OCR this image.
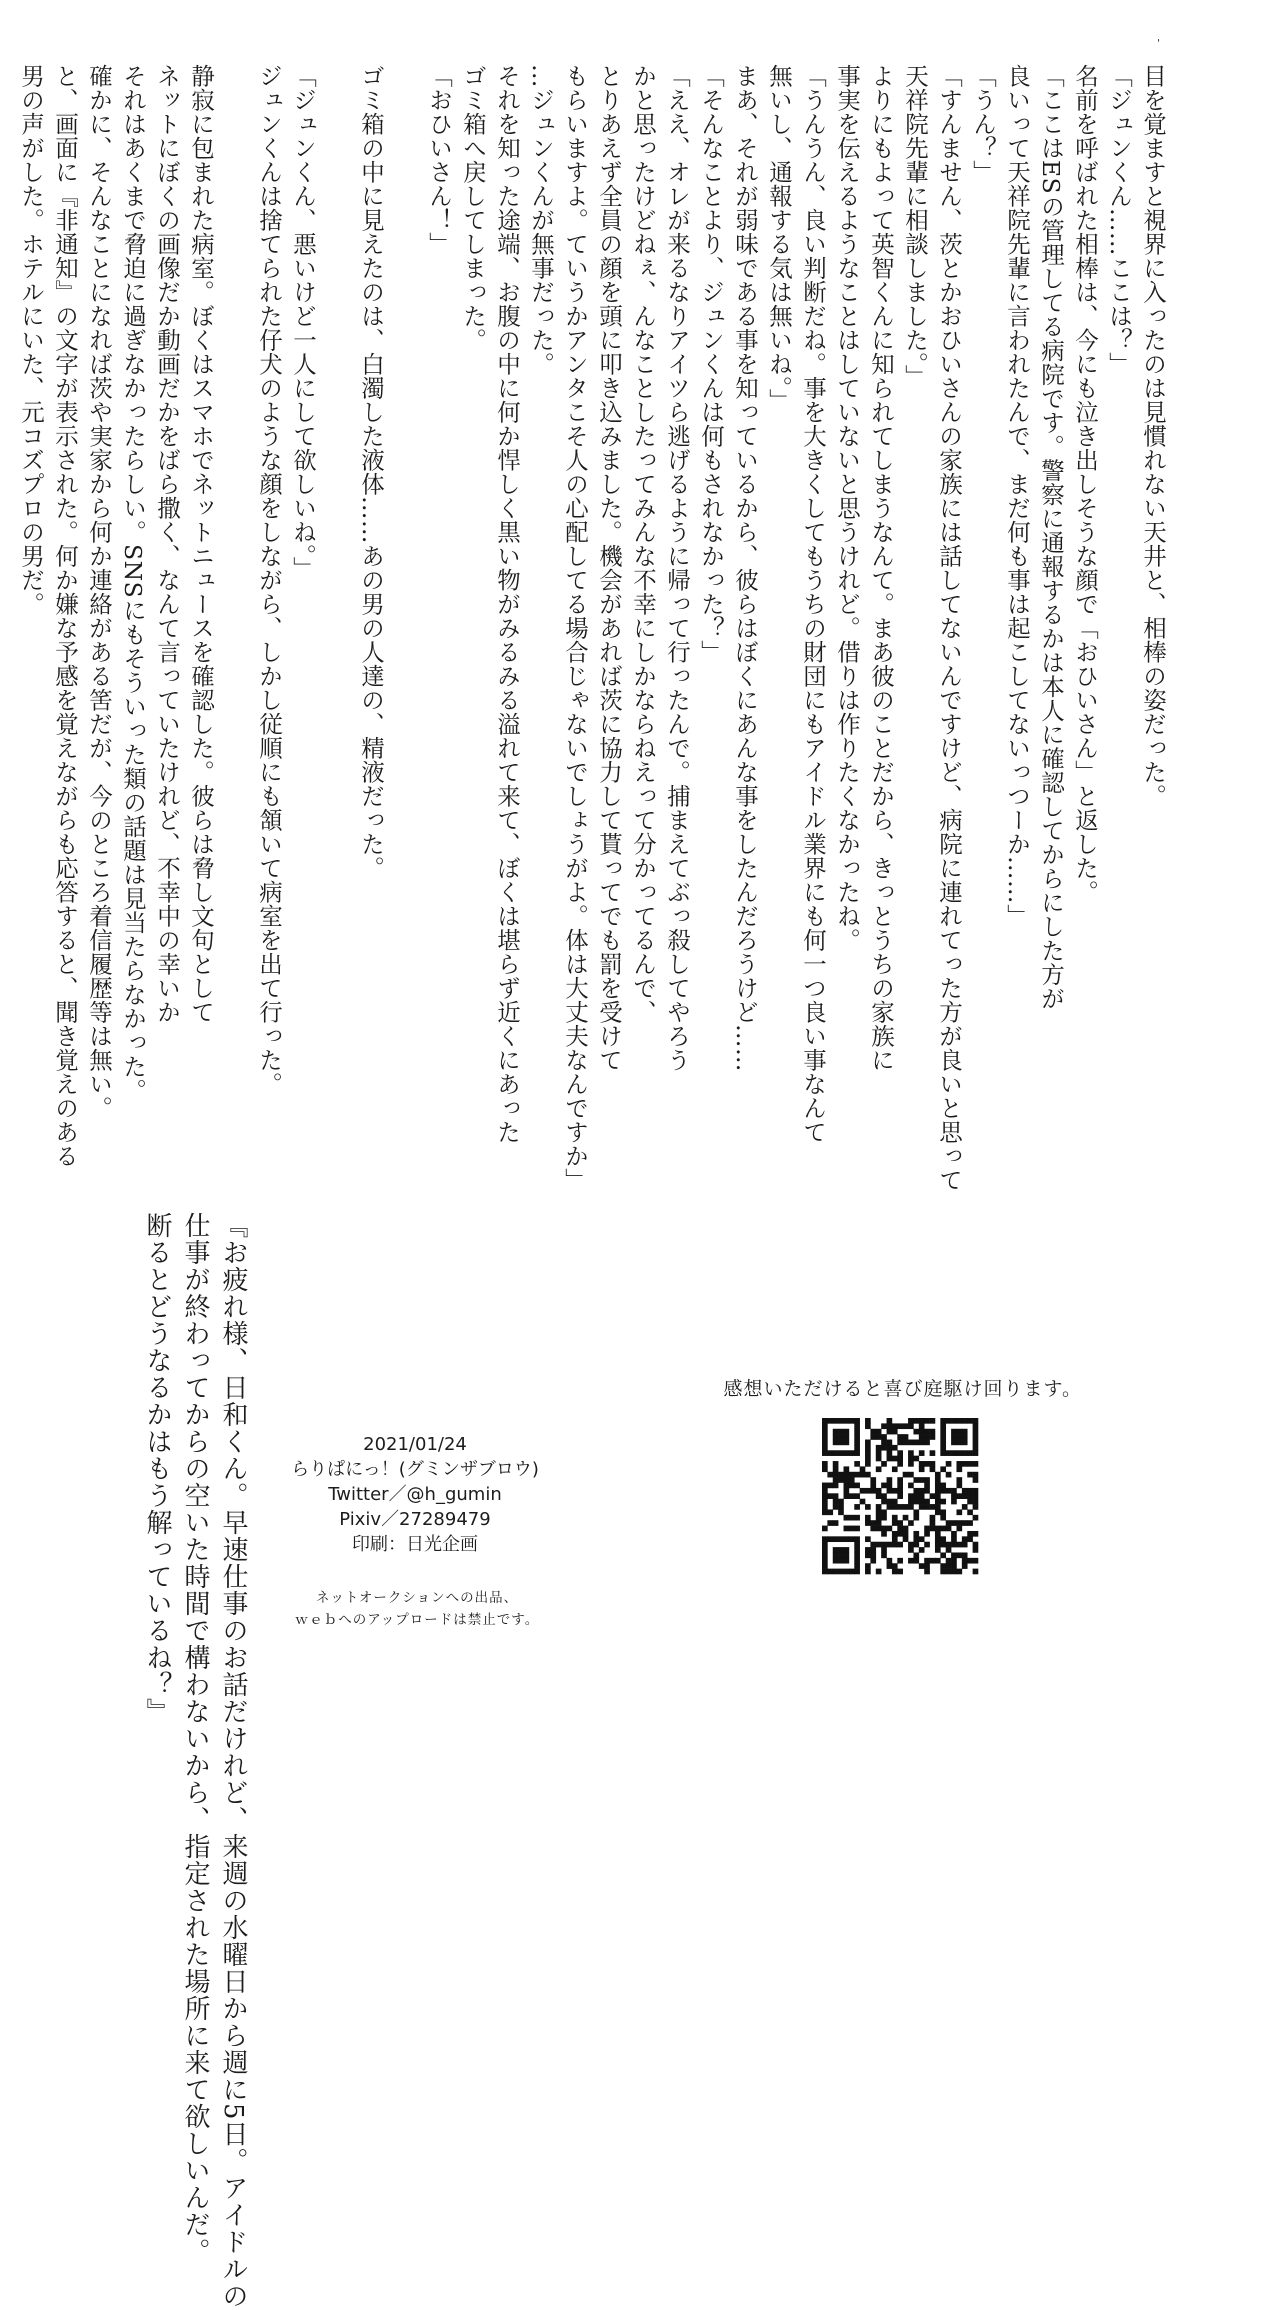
'
目を覚ますと視界に入ったのは見慣れない天井と、相棒の姿だった。
「ジュンくん……ここは？」
名前を呼ばれた相棒は、今にも泣き出しそうな顔で「おひいさん」と返した。
「ここはESの管理してる病院です。警察に通報するかは本人に確認してからにした方が
良いって天祥院先輩に言われたんで、まだ何も事は起こしてないっつーか……」
「うん？」
「すんません、茨とかおひいさんの家族には話してないんですけど、病院に連れてった方が良いと思って
天祥院先輩に相談しました。」
よりにもよって英智くんに知られてしまうなんて。まあ彼のことだから、きっとうちの家族に
事実を伝えるようなことはしていないと思うけれど。借りは作りたくなかったね。
「うんうん、良い判断だね。事を大きくしてもうちの財団にもアイドル業界にも何一つ良い事なんて
無いし、通報する気は無いね。」
まあ、それが弱味である事を知っているから、彼らはぼくにあんな事をしたんだろうけど……
「そんなことより、ジュンくんは何もされなかった？」
「ええ、オレが来るなりアイツら逃げるように帰って行ったんで。捕まえてぶっ殺してやろう
かと思ったけどねぇ、んなことしたってみんな不幸にしかならねえって分かってるんで、
とりあえず全員の顔を頭に叩き込みました。機会があれば茨に協力して貰ってでも罰を受けて
もらいますよ。ていうかアンタこそ人の心配してる場合じゃないでしょうがよ。体は大丈夫なんですか」
…ジュンくんが無事だった。
それを知った途端、お腹の中に何か悍しく黒い物がみるみる溢れて来て、ぼくは堪らず近くにあった
ゴミ箱へ戻してしまった。
「おひいさん！」
ゴミ箱の中に見えたのは、白濁した液体……あの男の人達の、精液だった。
「ジュンくん、悪いけど一人にして欲しいね。」
ジュンくんは捨てられた仔犬のような顔をしながら、しかし従順にも頷いて病室を出て行った。
静寂に包まれた病室。ぼくはスマホでネットニュースを確認した。彼らは脅し文句として
ネットにぼくの画像だか動画だかをばら撒く、なんて言っていたけれど、不幸中の幸いか
それはあくまで脅迫に過ぎなかったらしい。SNSにもそういった類の話題は見当たらなかった。
確かに、そんなことになれば茨や実家から何か連絡がある筈だが、今のところ着信履歴等は無い。
と、画面に『非通知』の文字が表示された。何か嫌な予感を覚えながらも応答すると、聞き覚えのある
男の声がした。ホテルにいた、元コズプロの男だ。
『お疲れ様、日和くん。早速仕事のお話だけれど、来週の水曜日から週に5日。アイドルの
仕事が終わってからの空いた時間で構わないから、指定された場所に来て欲しいんだ。
断るとどうなるかはもう解っているね？』	感想いただけると喜び庭駆け回ります。
2021/01/24
らりぱにっ！(グミンザブロウ)
Twitter／@h_gumin
Pixiv／27289479
印刷：日光企画
ネットオークションへの出品、
ｗｅｂへのアップロードは禁止です。
